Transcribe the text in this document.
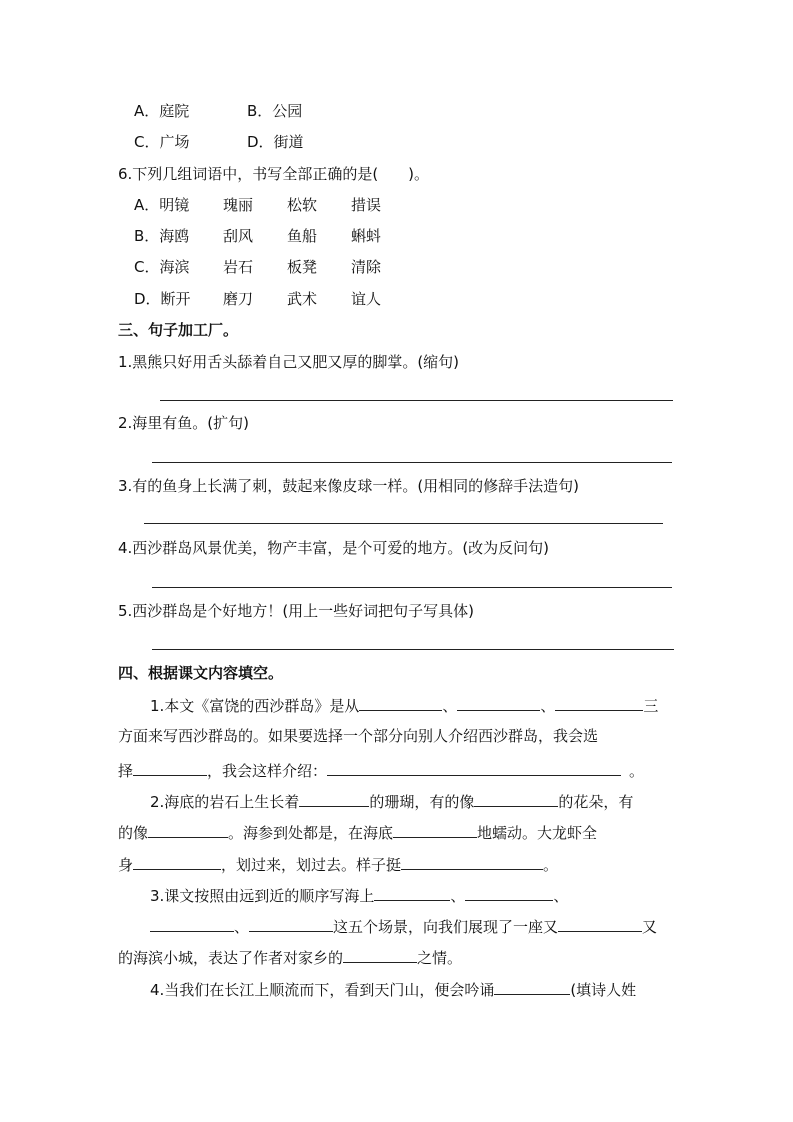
A．庭院	B．公园
C．广场	D．街道
6.下列几组词语中，书写全部正确的是(　　)。
A．明镜 瑰丽 松软 措误
B．海鸥 刮风 鱼船 蝌蚪
C．海滨 岩石 板凳 清除
D．断开 磨刀 武术 谊人
三、句子加工厂。
1.黑熊只好用舌头舔着自己又肥又厚的脚掌。(缩句)
2.海里有鱼。(扩句)
3.有的鱼身上长满了刺，鼓起来像皮球一样。(用相同的修辞手法造句)
4.西沙群岛风景优美，物产丰富，是个可爱的地方。(改为反问句)
5.西沙群岛是个好地方！(用上一些好词把句子写具体)
四、根据课文内容填空。
1.本文《富饶的西沙群岛》是从	、	、	三
方面来写西沙群岛的。如果要选择一个部分向别人介绍西沙群岛，我会选
择	，我会这样介绍：	。
2.海底的岩石上生长着	的珊瑚，有的像	的花朵，有
的像	。海参到处都是，在海底	地蠕动。大龙虾全
身	，划过来，划过去。样子挺	。
3.课文按照由远到近的顺序写海上	、	、
、	这五个场景，向我们展现了一座又	又
的海滨小城，表达了作者对家乡的	之情。
4.当我们在长江上顺流而下，看到天门山，便会吟诵	(填诗人姓
